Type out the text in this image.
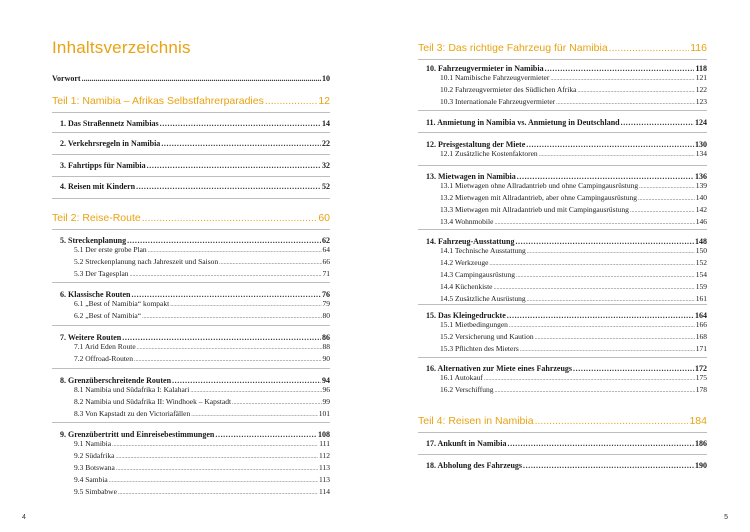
Inhaltsverzeichnis
Vorwort .....	10
Teil 1: Namibia – Afrikas Selbstfahrerparadies .....	12
1. Das Straßennetz Namibias .....	14
2. Verkehrsregeln in Namibia .....	22
3. Fahrtipps für Namibia .....	32
4. Reisen mit Kindern .....	52
Teil 2: Reise-Route .....	60
5. Streckenplanung .....	62
5.1 Der erste grobe Plan .....	64
5.2 Streckenplanung nach Jahreszeit und Saison .....	66
5.3 Der Tagesplan .....	71
6. Klassische Routen .....	76
6.1 „Best of Namibia“ kompakt .....	79
6.2 „Best of Namibia“ .....	80
7. Weitere Routen .....	86
7.1 Arid Eden Route .....	88
7.2 Offroad-Routen .....	90
8. Grenzüberschreitende Routen .....	94
8.1 Namibia und Südafrika I: Kalahari .....	96
8.2 Namibia und Südafrika II: Windhoek – Kapstadt .....	99
8.3 Von Kapstadt zu den Victoriafällen .....	101
9. Grenzübertritt und Einreisebestimmungen .....	108
9.1 Namibia .....	111
9.2 Südafrika .....	112
9.3 Botswana .....	113
9.4 Sambia .....	113
9.5 Simbabwe .....	114
4
Teil 3: Das richtige Fahrzeug für Namibia .....	116
10. Fahrzeugvermieter in Namibia .....	118
10.1 Namibische Fahrzeugvermieter .....	121
10.2 Fahrzeugvermieter des Südlichen Afrika .....	122
10.3 Internationale Fahrzeugvermieter .....	123
11. Anmietung in Namibia vs. Anmietung in Deutschland .....	124
12. Preisgestaltung der Miete .....	130
12.1 Zusätzliche Kostenfaktoren .....	134
13. Mietwagen in Namibia .....	136
13.1 Mietwagen ohne Allradantrieb und ohne Campingausrüstung .....	139
13.2 Mietwagen mit Allradantrieb, aber ohne Campingausrüstung .....	140
13.3 Mietwagen mit Allradantrieb und mit Campingausrüstung .....	142
13.4 Wohnmobile .....	146
14. Fahrzeug-Ausstattung .....	148
14.1 Technische Ausstattung .....	150
14.2 Werkzeuge .....	152
14.3 Campingausrüstung .....	154
14.4 Küchenkiste .....	159
14.5 Zusätzliche Ausrüstung .....	161
15. Das Kleingedruckte .....	164
15.1 Mietbedingungen .....	166
15.2 Versicherung und Kaution .....	168
15.3 Pflichten des Mieters .....	171
16. Alternativen zur Miete eines Fahrzeugs .....	172
16.1 Autokauf .....	175
16.2 Verschiffung .....	178
Teil 4: Reisen in Namibia .....	184
17. Ankunft in Namibia .....	186
18. Abholung des Fahrzeugs .....	190
5
